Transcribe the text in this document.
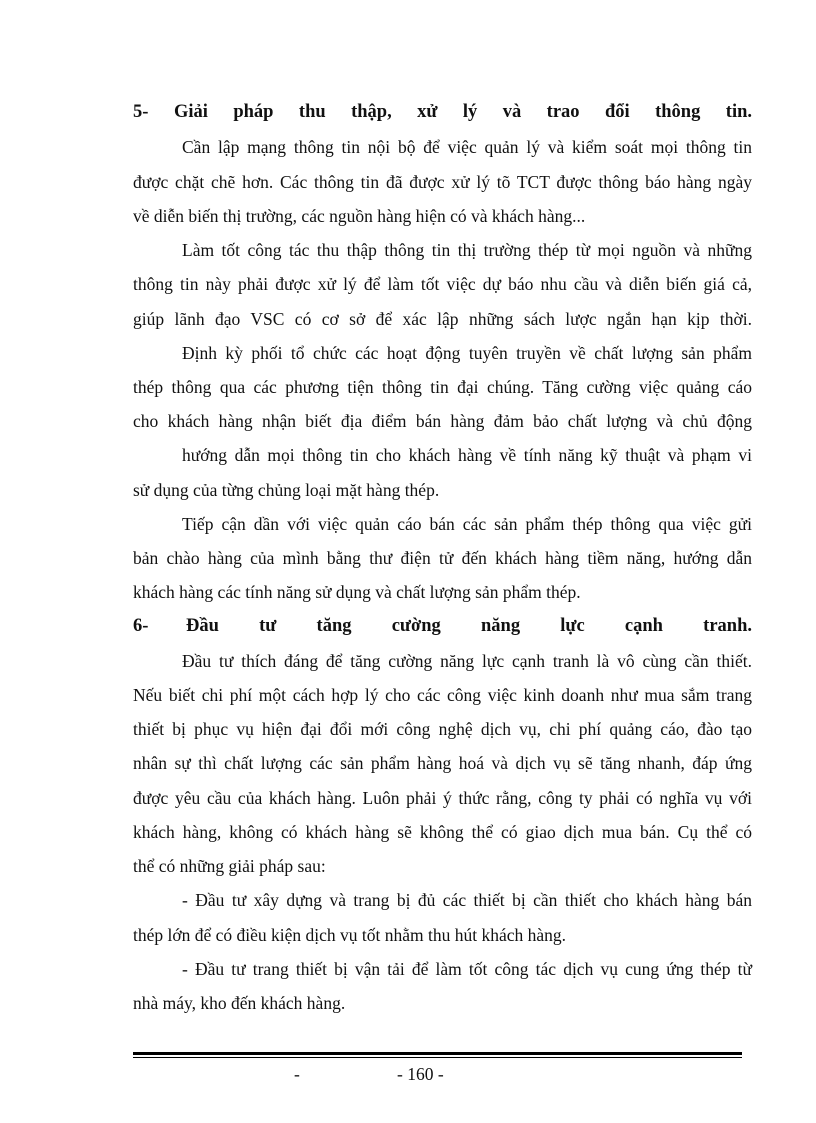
5- Giải pháp thu thập, xử lý và trao đổi thông tin.
Cần lập mạng thông tin nội bộ để việc quản lý và kiểm soát mọi thông tin
được chặt chẽ hơn. Các thông tin đã được xử lý tõ TCT được thông báo hàng ngày
về diễn biến thị trường, các nguồn hàng hiện có và khách hàng...
Làm tốt công tác thu thập thông tin thị trường thép từ mọi nguồn và những
thông tin này phải được xử lý để làm tốt việc dự báo nhu cầu và diễn biến giá cả,
giúp lãnh đạo VSC có cơ sở để xác lập những sách lược ngắn hạn kịp thời.
Định kỳ phối tổ chức các hoạt động tuyên truyền về chất lượng sản phẩm
thép thông qua các phương tiện thông tin đại chúng. Tăng cường việc quảng cáo
cho khách hàng nhận biết địa điểm bán hàng đảm bảo chất lượng và chủ động
hướng dẫn mọi thông tin cho khách hàng về tính năng kỹ thuật và phạm vi
sử dụng của từng chủng loại mặt hàng thép.
Tiếp cận dần với việc quản cáo bán các sản phẩm thép thông qua việc gửi
bản chào hàng của mình bằng thư điện tử đến khách hàng tiềm năng, hướng dẫn
khách hàng các tính năng sử dụng và chất lượng sản phẩm thép.
6- Đầu tư tăng cường năng lực cạnh tranh.
Đầu tư thích đáng để tăng cường năng lực cạnh tranh là vô cùng cần thiết.
Nếu biết chi phí một cách hợp lý cho các công việc kinh doanh như mua sắm trang
thiết bị phục vụ hiện đại đổi mới công nghệ dịch vụ, chi phí quảng cáo, đào tạo
nhân sự thì chất lượng các sản phẩm hàng hoá và dịch vụ sẽ tăng nhanh, đáp ứng
được yêu cầu của khách hàng. Luôn phải ý thức rằng, công ty phải có nghĩa vụ với
khách hàng, không có khách hàng sẽ không thể có giao dịch mua bán. Cụ thể có
thể có những giải pháp sau:
- Đầu tư xây dựng và trang bị đủ các thiết bị cần thiết cho khách hàng bán
thép lớn để có điều kiện dịch vụ tốt nhằm thu hút khách hàng.
- Đầu tư trang thiết bị vận tải để làm tốt công tác dịch vụ cung ứng thép từ
nhà máy, kho đến khách hàng.
-	- 160 -
